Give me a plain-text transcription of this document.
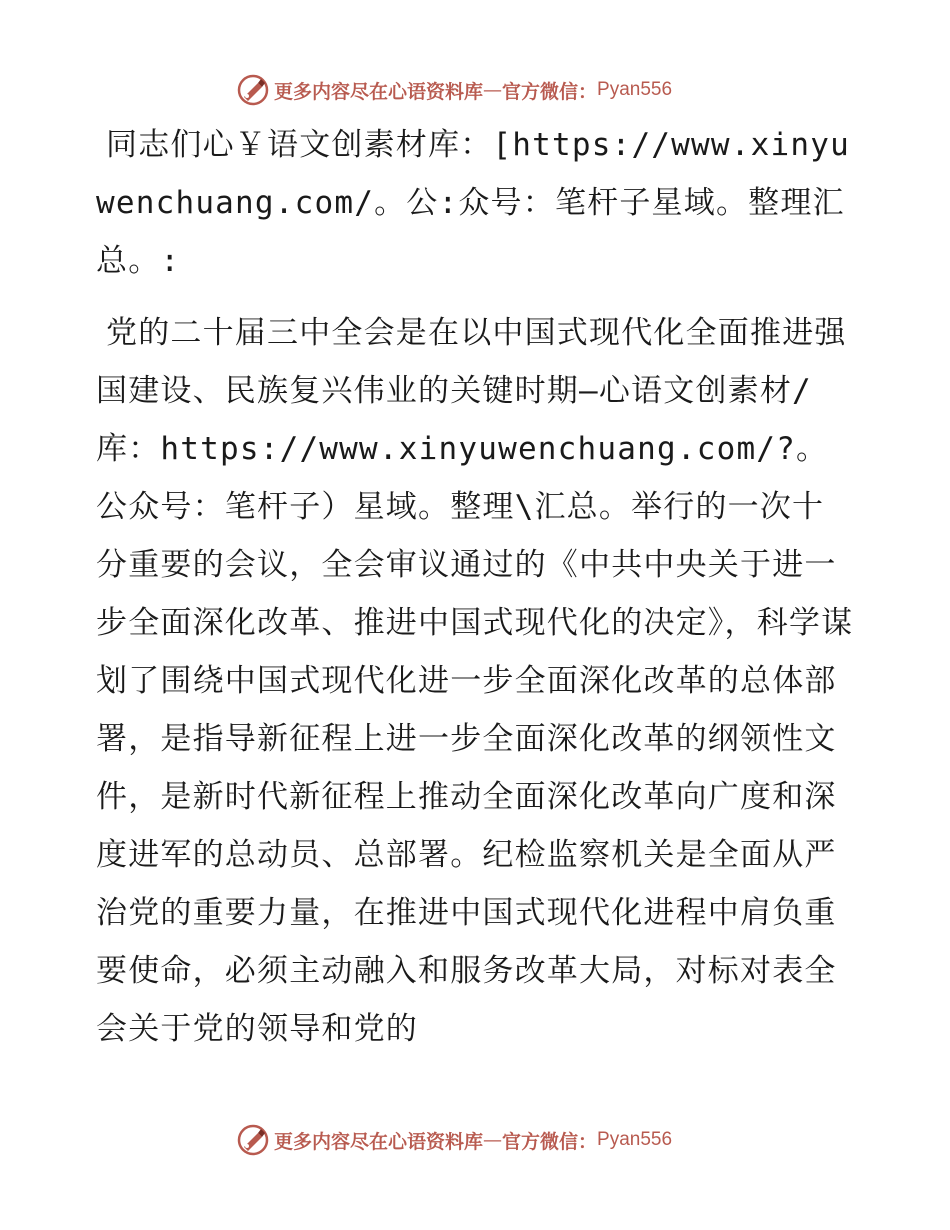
更多内容尽在心语资料库 — 官方微信： Pyan556

同志们心￥语文创素材库：[https://www.xinyuwenchuang.com/。公:众号：笔杆子星域。整理汇总。:

党的二十届三中全会是在以中国式现代化全面推进强国建设、民族复兴伟业的关键时期—心语文创素材/库：https://www.xinyuwenchuang.com/?。公众号：笔杆子）星域。整理\汇总。举行的一次十分重要的会议，全会审议通过的《中共中央关于进一步全面深化改革、推进中国式现代化的决定》，科学谋划了围绕中国式现代化进一步全面深化改革的总体部署，是指导新征程上进一步全面深化改革的纲领性文件，是新时代新征程上推动全面深化改革向广度和深度进军的总动员、总部署。纪检监察机关是全面从严治党的重要力量，在推进中国式现代化进程中肩负重要使命，必须主动融入和服务改革大局，对标对表全会关于党的领导和党的

更多内容尽在心语资料库 — 官方微信： Pyan556
